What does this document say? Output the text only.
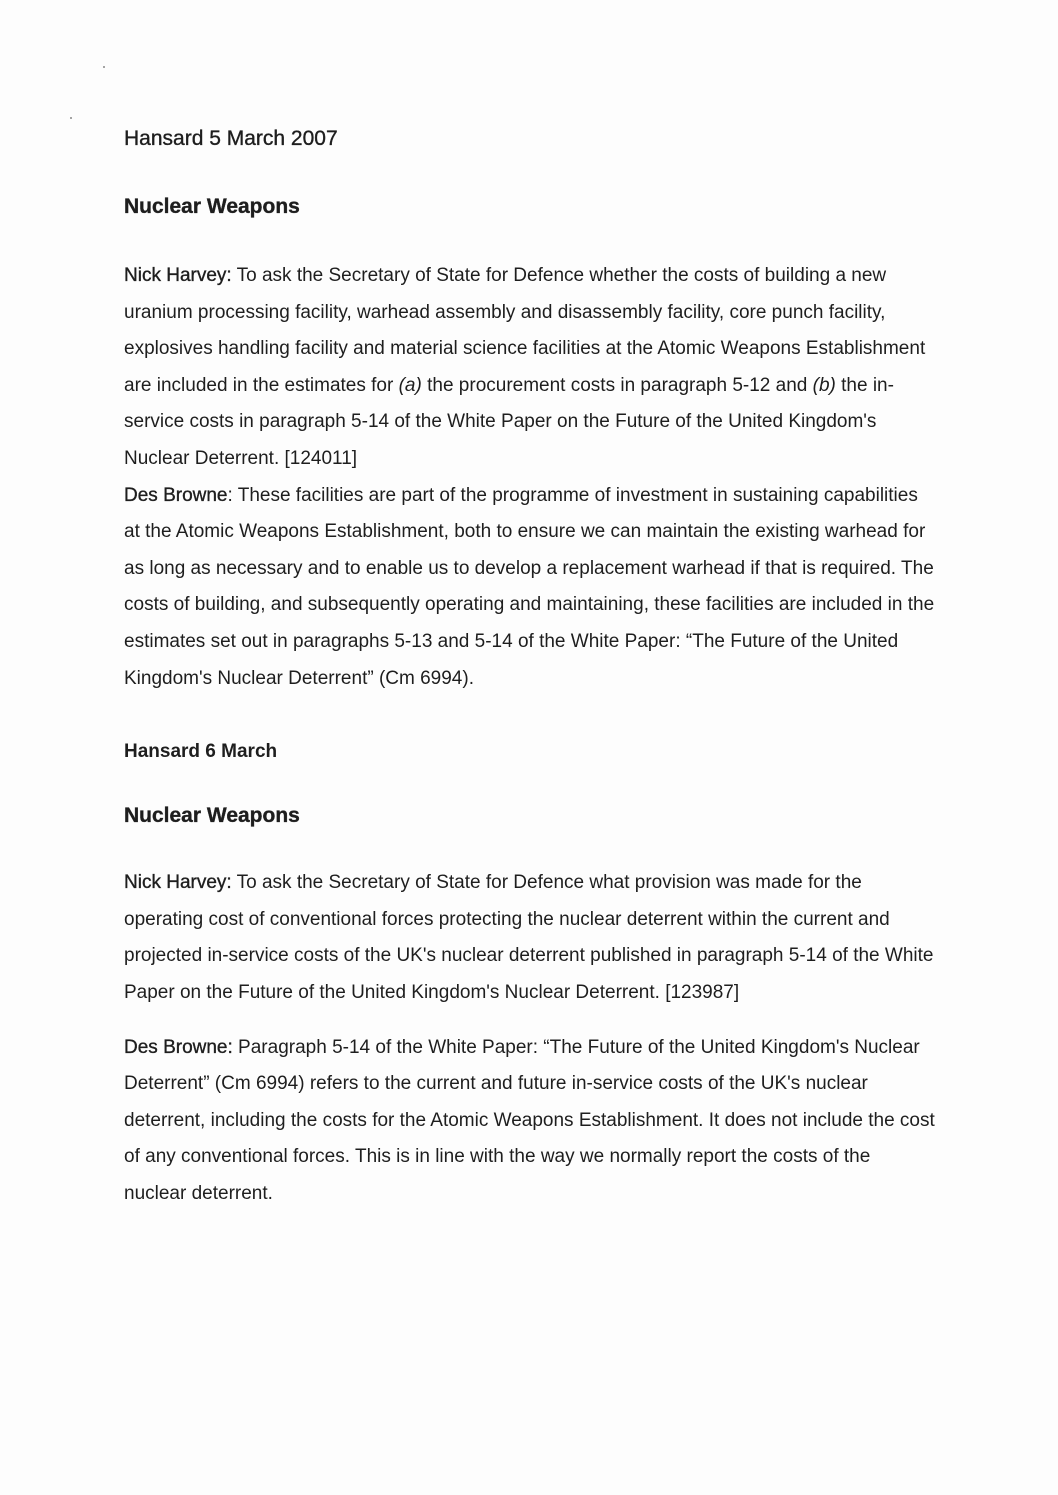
Hansard 5 March 2007
Nuclear Weapons

Nick Harvey: To ask the Secretary of State for Defence whether the costs of building a new uranium processing facility, warhead assembly and disassembly facility, core punch facility, explosives handling facility and material science facilities at the Atomic Weapons Establishment are included in the estimates for (a) the procurement costs in paragraph 5-12 and (b) the in-service costs in paragraph 5-14 of the White Paper on the Future of the United Kingdom's Nuclear Deterrent. [124011]

Des Browne: These facilities are part of the programme of investment in sustaining capabilities at the Atomic Weapons Establishment, both to ensure we can maintain the existing warhead for as long as necessary and to enable us to develop a replacement warhead if that is required. The costs of building, and subsequently operating and maintaining, these facilities are included in the estimates set out in paragraphs 5-13 and 5-14 of the White Paper: “The Future of the United Kingdom's Nuclear Deterrent” (Cm 6994).

Hansard 6 March
Nuclear Weapons

Nick Harvey: To ask the Secretary of State for Defence what provision was made for the operating cost of conventional forces protecting the nuclear deterrent within the current and projected in-service costs of the UK's nuclear deterrent published in paragraph 5-14 of the White Paper on the Future of the United Kingdom's Nuclear Deterrent. [123987]

Des Browne: Paragraph 5-14 of the White Paper: “The Future of the United Kingdom's Nuclear Deterrent” (Cm 6994) refers to the current and future in-service costs of the UK's nuclear deterrent, including the costs for the Atomic Weapons Establishment. It does not include the cost of any conventional forces. This is in line with the way we normally report the costs of the nuclear deterrent.
